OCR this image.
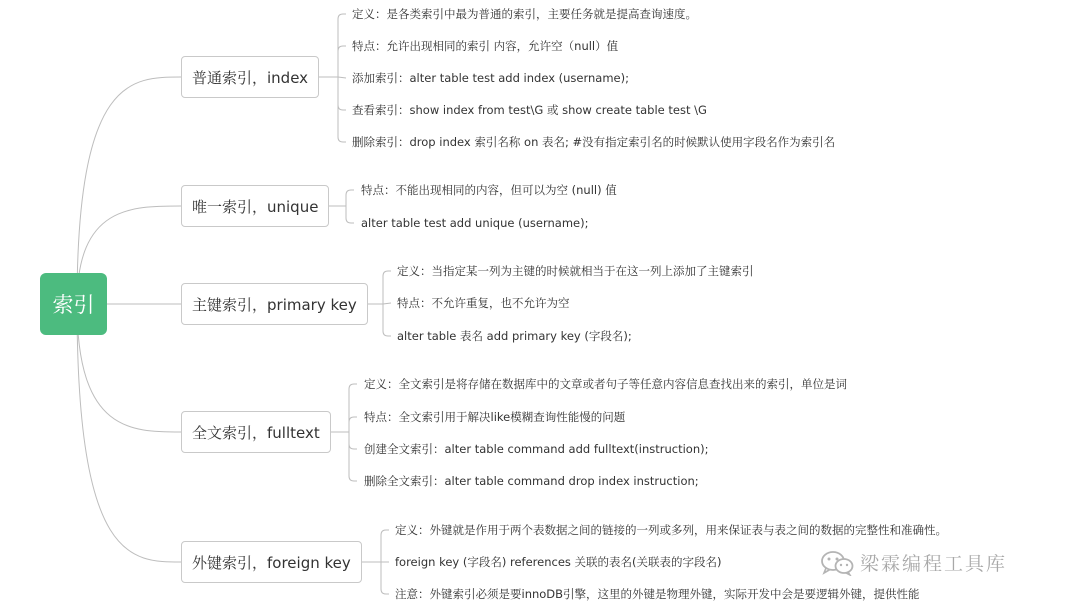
索引
普通索引，index
定义：是各类索引中最为普通的索引，主要任务就是提高查询速度。
特点：允许出现相同的索引 内容，允许空（null）值
添加索引：alter table test add index (username);
查看索引：show index from test\G 或 show create table test \G
删除索引：drop index 索引名称 on 表名; #没有指定索引名的时候默认使用字段名作为索引名
唯一索引，unique
特点：不能出现相同的内容，但可以为空 (null) 值
alter table test add unique (username);
主键索引，primary key
定义：当指定某一列为主键的时候就相当于在这一列上添加了主键索引
特点：不允许重复，也不允许为空
alter table 表名 add primary key (字段名);
全文索引，fulltext
定义：全文索引是将存储在数据库中的文章或者句子等任意内容信息查找出来的索引，单位是词
特点：全文索引用于解决like模糊查询性能慢的问题
创建全文索引：alter table command add fulltext(instruction);
删除全文索引：alter table command drop index instruction;
外键索引，foreign key
定义：外键就是作用于两个表数据之间的链接的一列或多列，用来保证表与表之间的数据的完整性和准确性。
foreign key (字段名) references 关联的表名(关联表的字段名)
注意：外键索引必须是要innoDB引擎，这里的外键是物理外键，实际开发中会是要逻辑外键，提供性能
梁霖编程工具库
